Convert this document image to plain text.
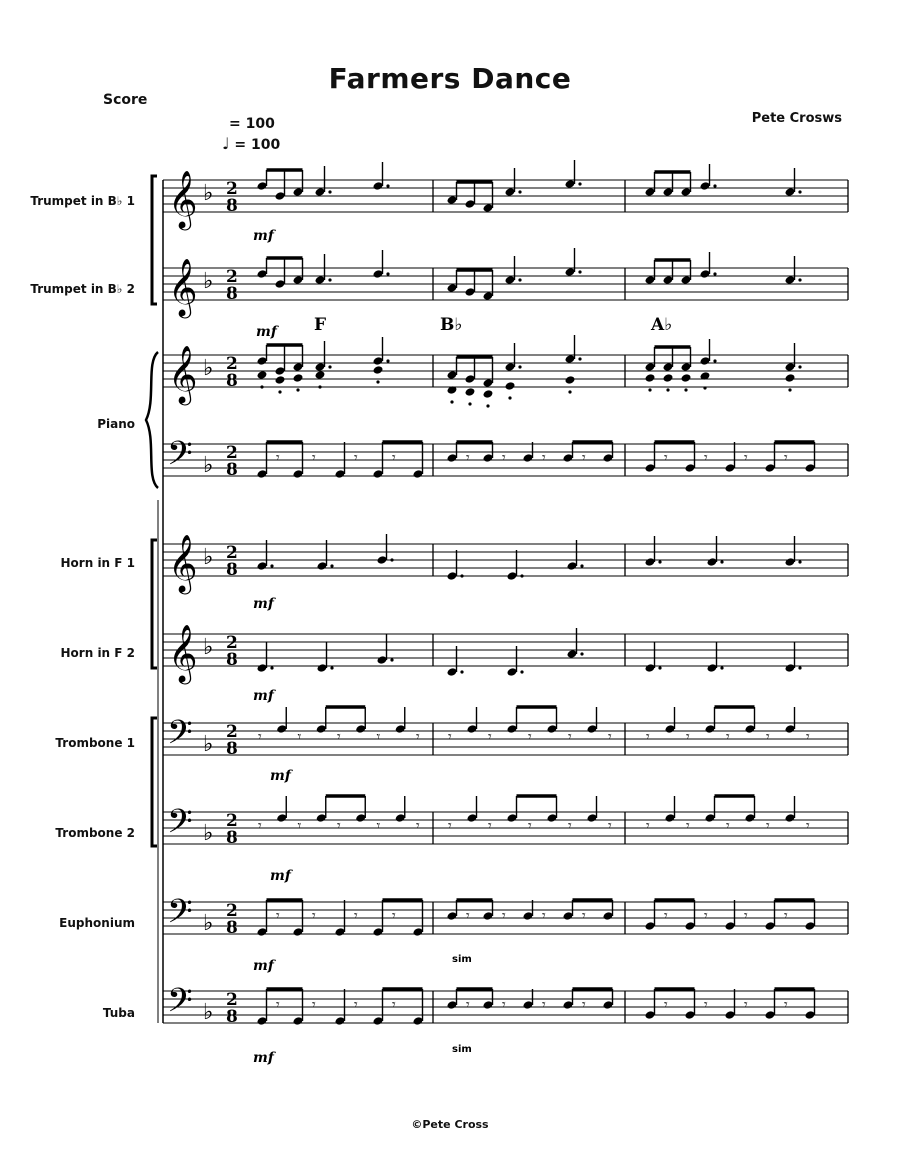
Farmers Dance
Score
Pete Crosws
= 100
♩ = 100
Trumpet in B♭ 1
Trumpet in B♭ 2
Piano
Horn in F 1
Horn in F 2
Trombone 1
Trombone 2
Euphonium
Tuba
𝄞 ♭ 2
8
𝄞 ♭ 2
8
𝄞 ♭ 2
8
𝄢 ♭ 2
8
𝄞 ♭ 2
8
𝄞 ♭ 2
8
𝄢 ♭ 2
8
𝄢 ♭ 2
8
𝄢 ♭ 2
8
𝄢 ♭ 2
8
𝄾 𝄾	𝄾 𝄾	𝄾 𝄾	𝄾	𝄾	𝄾	𝄾	𝄾	𝄾
𝄾 𝄾	𝄾 𝄾	𝄾 𝄾	𝄾	𝄾	𝄾	𝄾	𝄾	𝄾
𝄾 𝄾	𝄾 𝄾	𝄾 𝄾	𝄾	𝄾	𝄾	𝄾	𝄾	𝄾
𝄾	𝄾	𝄾	𝄾	𝄾 𝄾	𝄾	𝄾	𝄾	𝄾 𝄾	𝄾	𝄾	𝄾	𝄾
𝄾	𝄾	𝄾	𝄾	𝄾 𝄾	𝄾	𝄾	𝄾	𝄾 𝄾	𝄾	𝄾	𝄾	𝄾
F	B♭	A♭
mf
mf
mf
mf
mf
mf
mf
mf
sim
sim
©Pete Cross
